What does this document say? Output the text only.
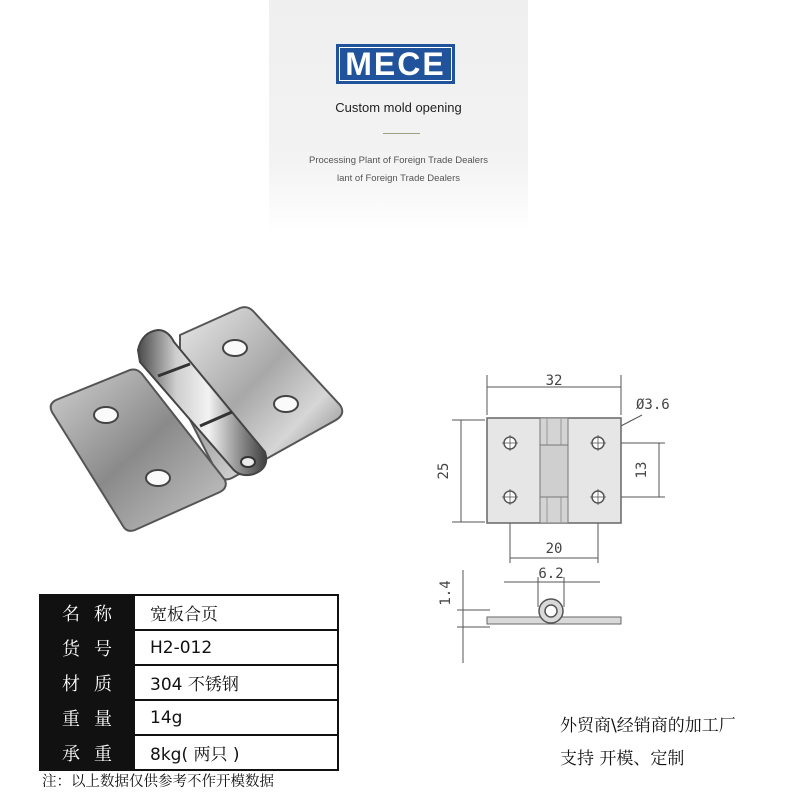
MECE
Custom mold opening
Processing Plant of Foreign Trade Dealers
lant of Foreign Trade Dealers
32
Ø3.6
25	13
20
6.2
1.4
名称	宽板合页
货号	H2-012
材质	304 不锈钢
重量	14g
承重	8kg( 两只 )
注：以上数据仅供参考不作开模数据
外贸商\经销商的加工厂
支持 开模、定制
